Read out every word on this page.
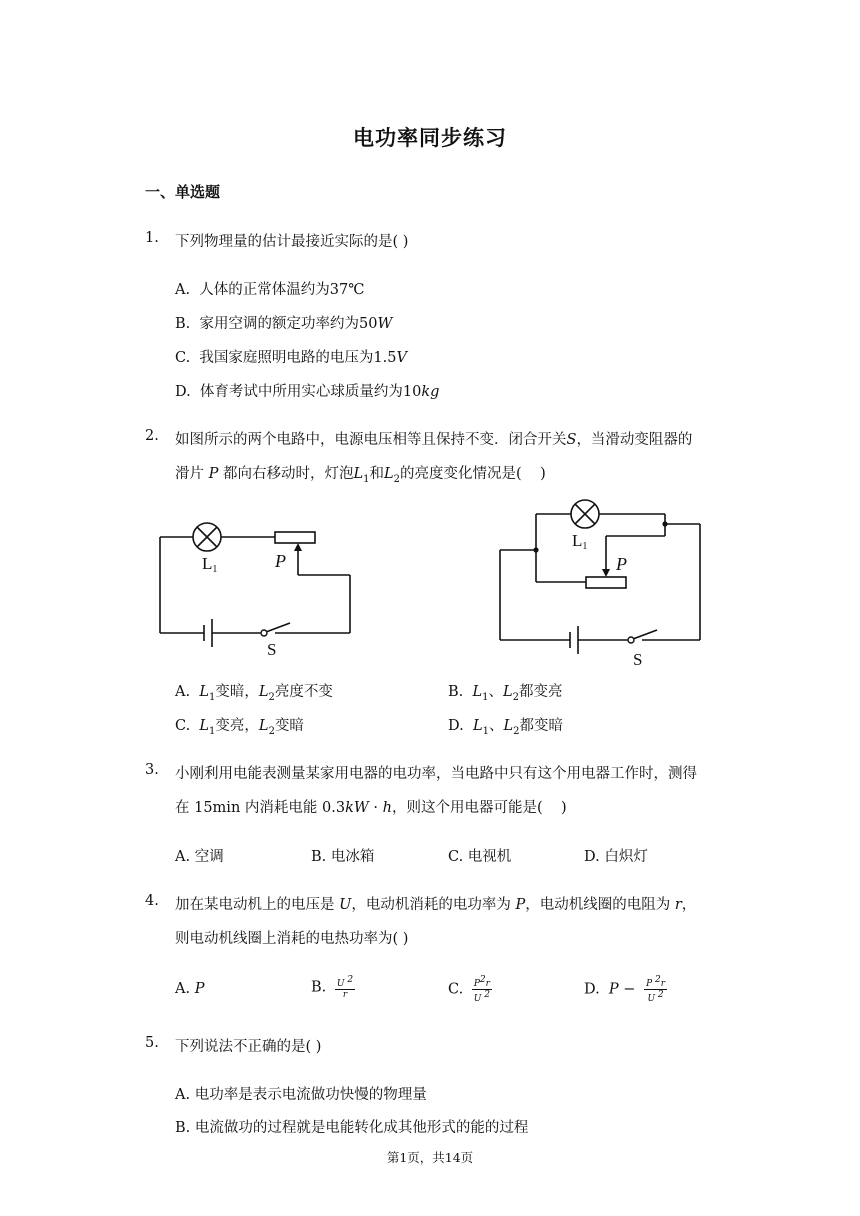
电功率同步练习
一、单选题
1. 下列物理量的估计最接近实际的是( )
A.  人体的正常体温约为37℃
B.  家用空调的额定功率约为50W
C.  我国家庭照明电路的电压为1.5V
D.  体育考试中所用实心球质量约为10kg
2. 如图所示的两个电路中，电源电压相等且保持不变．闭合开关S，当滑动变阻器的
滑片 P 都向右移动时，灯泡$L_1$和$L_2$的亮度变化情况是(    )
L1	P
S
L1
P
S
A. $L_1$变暗，$L_2$亮度不变	B. $L_1$、$L_2$都变亮
C. $L_1$变亮，$L_2$变暗	D. $L_1$、$L_2$都变暗
3. 小刚利用电能表测量某家用电器的电功率，当电路中只有这个用电器工作时，测得
在 15min 内消耗电能 0.3kW · h，则这个用电器可能是(    )
A. 空调	B. 电冰箱	C. 电视机	D. 白炽灯
4. 加在某电动机上的电压是 U，电动机消耗的电功率为 P，电动机线圈的电阻为 r，
则电动机线圈上消耗的电热功率为( )
A. P	B. $\frac{U ^2}{r}$	C. $\frac{P^2r}{U ^2}$	D.  $P - \frac{P ^2r}{U ^2}$
5. 下列说法不正确的是( )
A. 电功率是表示电流做功快慢的物理量
B. 电流做功的过程就是电能转化成其他形式的能的过程
第1页，共14页
